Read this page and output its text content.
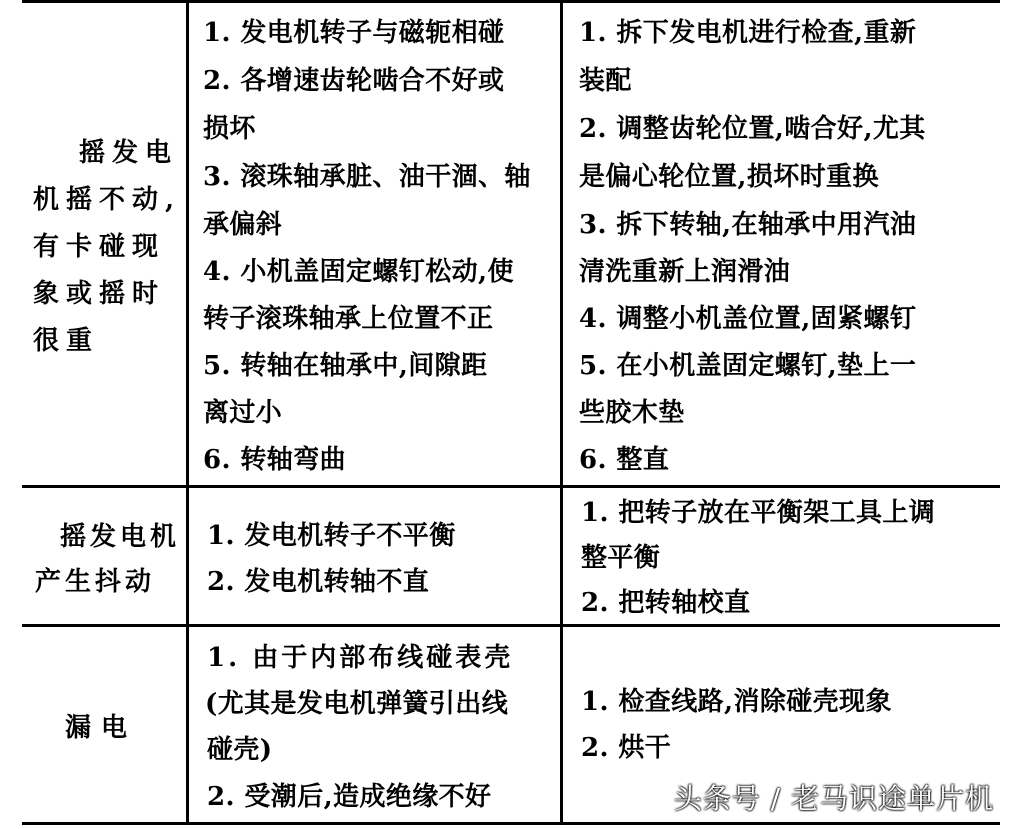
摇发电
机摇不动,
有卡碰现
象或摇时
很重
1. 发电机转子与磁轭相碰
2. 各增速齿轮啮合不好或
损坏
3. 滚珠轴承脏、油干涸、轴
承偏斜
4. 小机盖固定螺钉松动,使
转子滚珠轴承上位置不正
5. 转轴在轴承中,间隙距
离过小
6. 转轴弯曲
1. 拆下发电机进行检查,重新
装配
2. 调整齿轮位置,啮合好,尤其
是偏心轮位置,损坏时重换
3. 拆下转轴,在轴承中用汽油
清洗重新上润滑油
4. 调整小机盖位置,固紧螺钉
5. 在小机盖固定螺钉,垫上一
些胶木垫
6. 整直
摇发电机
产生抖动
1. 发电机转子不平衡
2. 发电机转轴不直
1. 把转子放在平衡架工具上调
整平衡
2. 把转轴校直
漏电
1. 由于内部布线碰表壳
(尤其是发电机弹簧引出线
碰壳)
2. 受潮后,造成绝缘不好
1. 检查线路,消除碰壳现象
2. 烘干
头条号 / 老马识途单片机
